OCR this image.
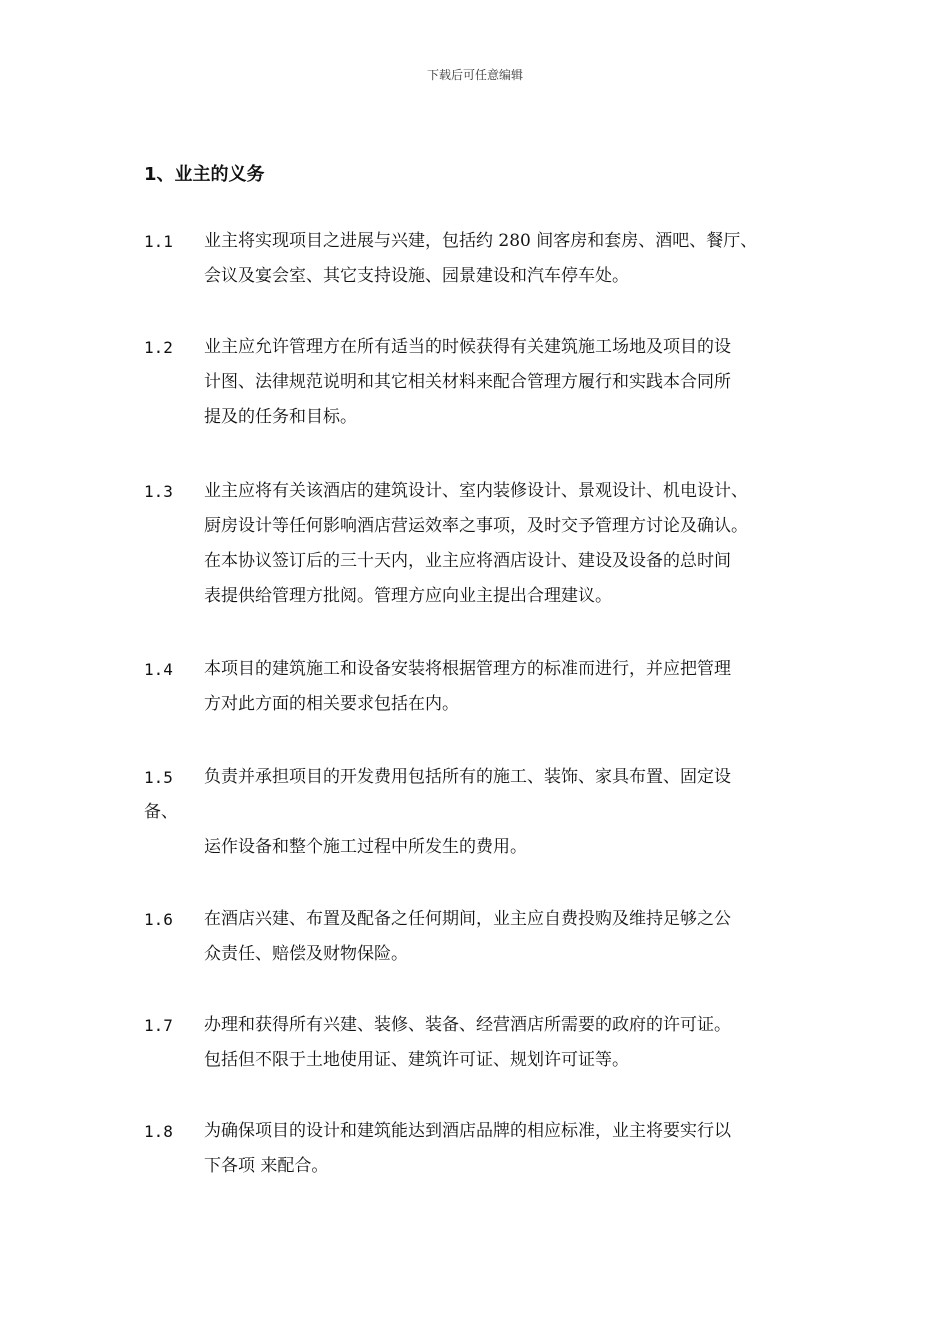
下载后可任意编辑
1、业主的义务
1.1	业主将实现项目之进展与兴建，包括约 280 间客房和套房、酒吧、餐厅、
会议及宴会室、其它支持设施、园景建设和汽车停车处。
1.2	业主应允许管理方在所有适当的时候获得有关建筑施工场地及项目的设
计图、法律规范说明和其它相关材料来配合管理方履行和实践本合同所
提及的任务和目标。
1.3	业主应将有关该酒店的建筑设计、室内装修设计、景观设计、机电设计、
厨房设计等任何影响酒店营运效率之事项，及时交予管理方讨论及确认。
在本协议签订后的三十天内，业主应将酒店设计、建设及设备的总时间
表提供给管理方批阅。管理方应向业主提出合理建议。
1.4	本项目的建筑施工和设备安装将根据管理方的标准而进行，并应把管理
方对此方面的相关要求包括在内。
1.5	负责并承担项目的开发费用包括所有的施工、装饰、家具布置、固定设
备、
运作设备和整个施工过程中所发生的费用。
1.6	在酒店兴建、布置及配备之任何期间，业主应自费投购及维持足够之公
众责任、赔偿及财物保险。
1.7	办理和获得所有兴建、装修、装备、经营酒店所需要的政府的许可证。
包括但不限于土地使用证、建筑许可证、规划许可证等。
1.8	为确保项目的设计和建筑能达到酒店品牌的相应标准，业主将要实行以
下各项 来配合。
